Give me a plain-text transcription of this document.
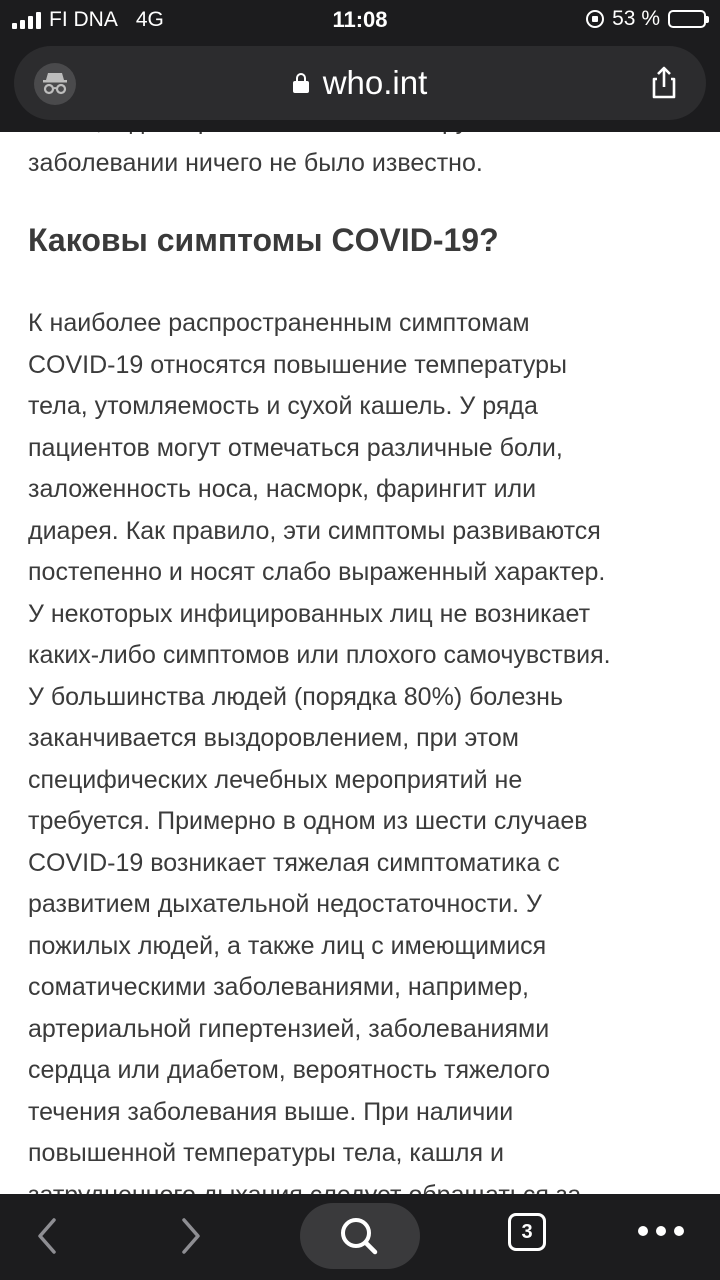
FI DNA 4G	11:08	53 %
who.int

заболевании ничего не было известно.

Каковы симптомы COVID-19?

К наиболее распространенным симптомам
COVID-19 относятся повышение температуры
тела, утомляемость и сухой кашель. У ряда
пациентов могут отмечаться различные боли,
заложенность носа, насморк, фарингит или
диарея. Как правило, эти симптомы развиваются
постепенно и носят слабо выраженный характер.
У некоторых инфицированных лиц не возникает
каких-либо симптомов или плохого самочувствия.
У большинства людей (порядка 80%) болезнь
заканчивается выздоровлением, при этом
специфических лечебных мероприятий не
требуется. Примерно в одном из шести случаев
COVID-19 возникает тяжелая симптоматика с
развитием дыхательной недостаточности. У
пожилых людей, а также лиц с имеющимися
соматическими заболеваниями, например,
артериальной гипертензией, заболеваниями
сердца или диабетом, вероятность тяжелого
течения заболевания выше. При наличии
повышенной температуры тела, кашля и

3
